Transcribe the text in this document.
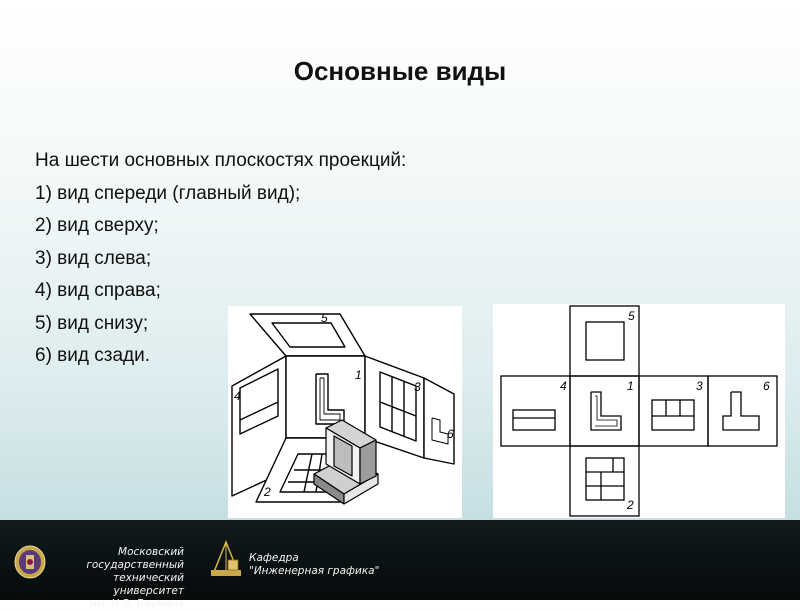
Основные виды
На шести основных плоскостях проекций:
1) вид спереди (главный вид);
2) вид сверху;
3) вид слева;
4) вид справа;
5) вид снизу;
6) вид сзади.
5
1
3
4
6
2
5
4	1	3	6
2
Московский государственный
технический университет
им. Н.Э. Баумана
Кафедра
"Инженерная графика"
